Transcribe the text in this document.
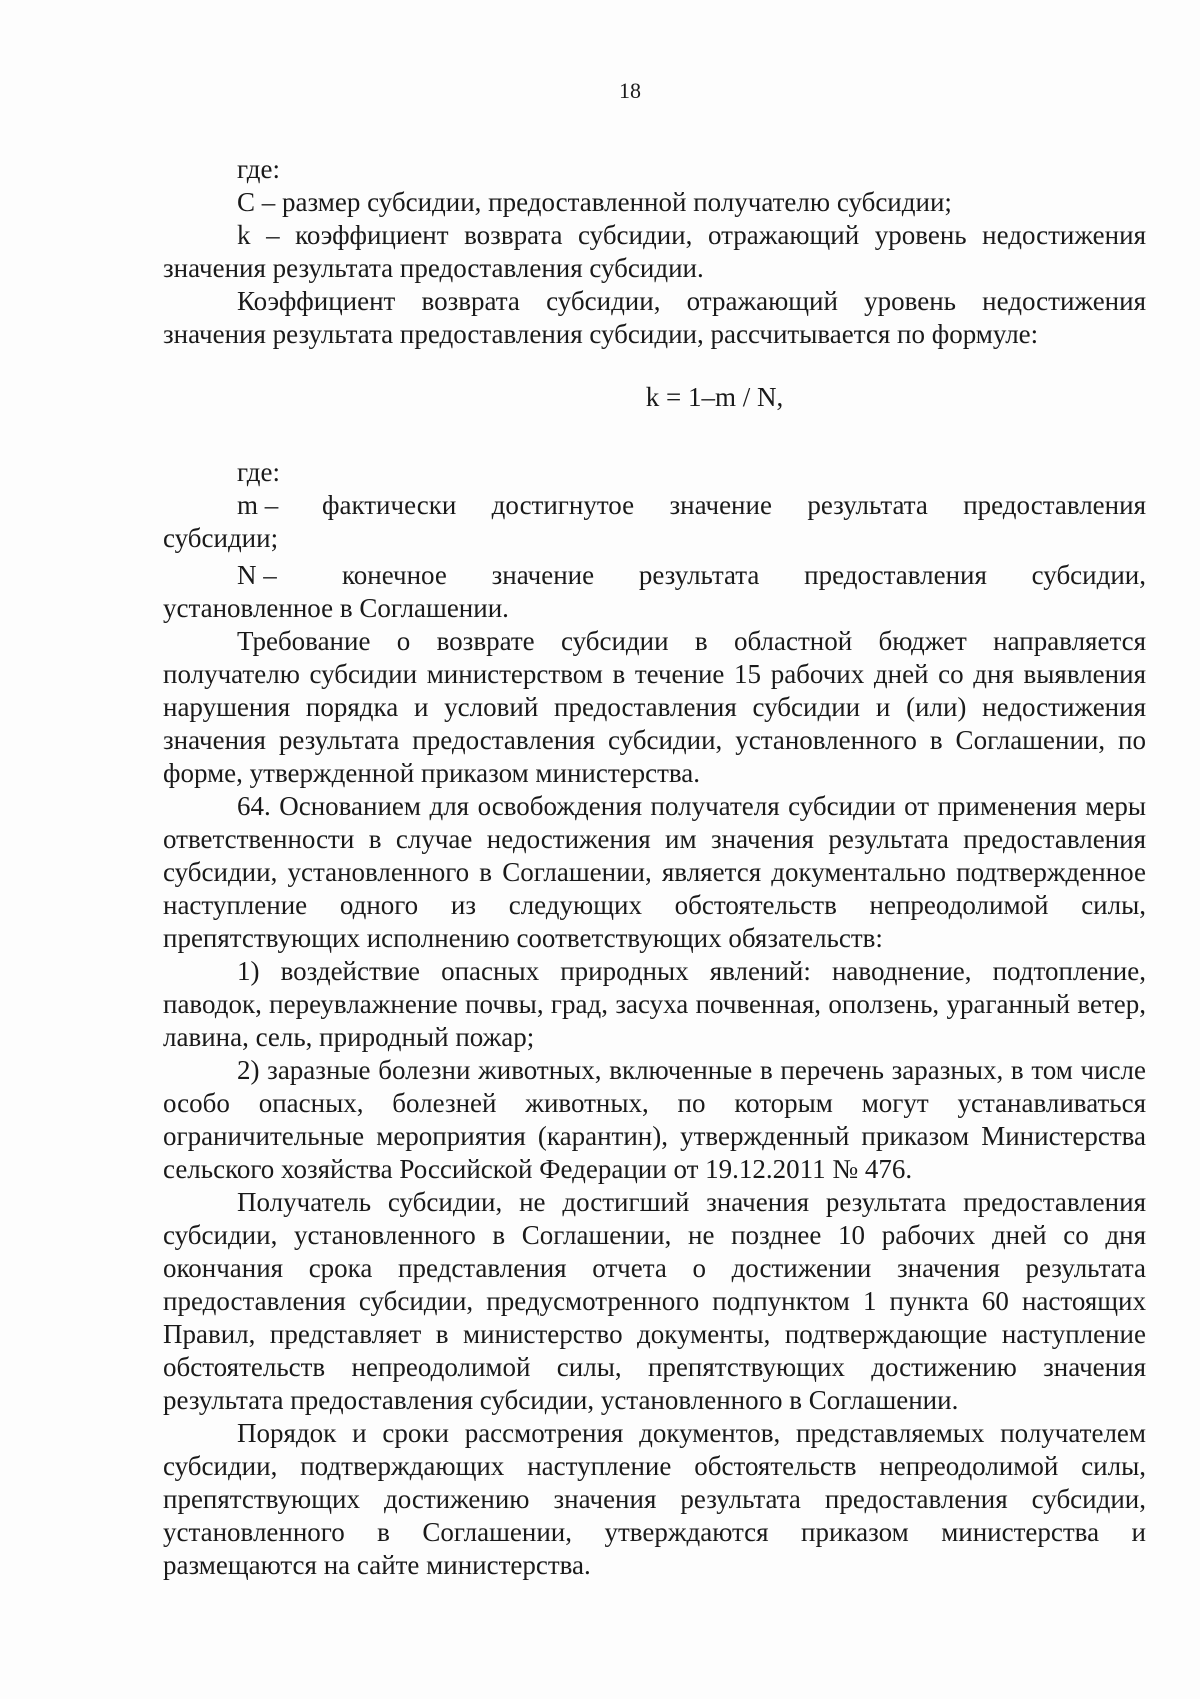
18

где:

С – размер субсидии, предоставленной получателю субсидии;

k – коэффициент возврата субсидии, отражающий уровень недостижения значения результата предоставления субсидии.

Коэффициент возврата субсидии, отражающий уровень недостижения значения результата предоставления субсидии, рассчитывается по формуле:

k = 1–m / N,

где:

m –	фактически достигнутое значение результата предоставления

субсидии;

N –	конечное значение результата предоставления субсидии,

установленное в Соглашении.

Требование о возврате субсидии в областной бюджет направляется получателю субсидии министерством в течение 15 рабочих дней со дня выявления нарушения порядка и условий предоставления субсидии и (или) недостижения значения результата предоставления субсидии, установленного в Соглашении, по форме, утвержденной приказом министерства.

64. Основанием для освобождения получателя субсидии от применения меры ответственности в случае недостижения им значения результата предоставления субсидии, установленного в Соглашении, является документально подтвержденное наступление одного из следующих обстоятельств непреодолимой силы, препятствующих исполнению соответствующих обязательств:

1) воздействие опасных природных явлений: наводнение, подтопление, паводок, переувлажнение почвы, град, засуха почвенная, оползень, ураганный ветер, лавина, сель, природный пожар;

2) заразные болезни животных, включенные в перечень заразных, в том числе особо опасных, болезней животных, по которым могут устанавливаться ограничительные мероприятия (карантин), утвержденный приказом Министерства сельского хозяйства Российской Федерации от 19.12.2011 № 476.

Получатель субсидии, не достигший значения результата предоставления субсидии, установленного в Соглашении, не позднее 10 рабочих дней со дня окончания срока представления отчета о достижении значения результата предоставления субсидии, предусмотренного подпунктом 1 пункта 60 настоящих Правил, представляет в министерство документы, подтверждающие наступление обстоятельств непреодолимой силы, препятствующих достижению значения результата предоставления субсидии, установленного в Соглашении.

Порядок и сроки рассмотрения документов, представляемых получателем субсидии, подтверждающих наступление обстоятельств непреодолимой силы, препятствующих достижению значения результата предоставления субсидии, установленного в Соглашении, утверждаются приказом министерства и размещаются на сайте министерства.
